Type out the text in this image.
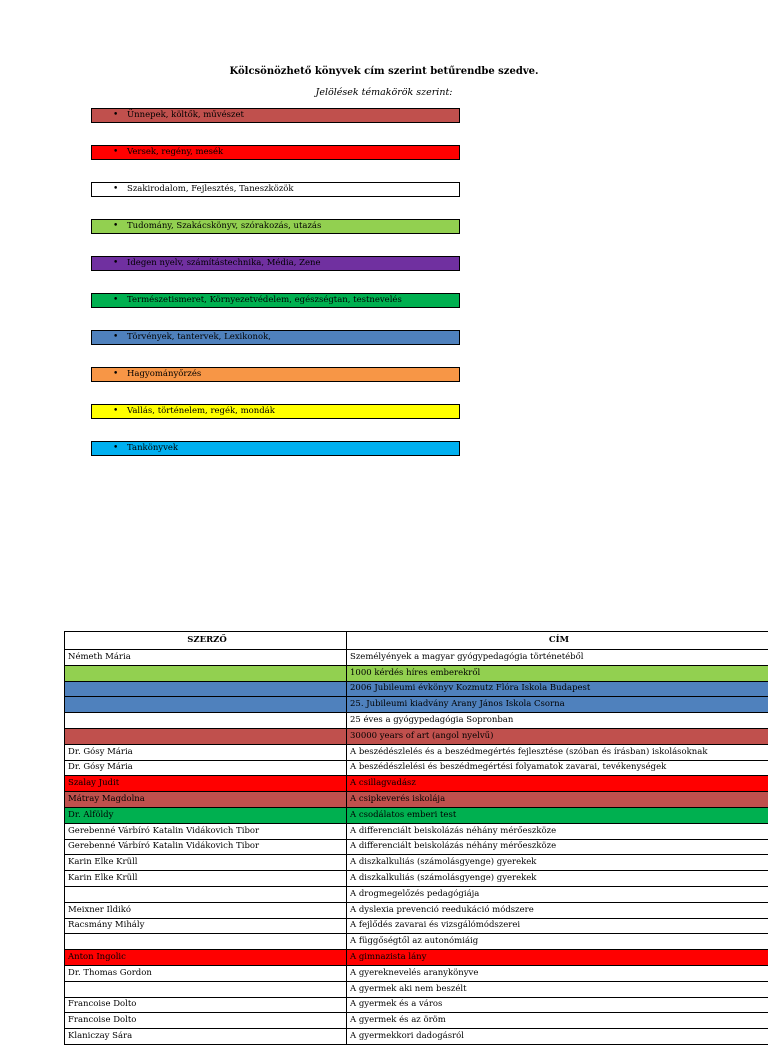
Kölcsönözhető könyvek cím szerint betűrendbe szedve.
Jelölések témakörök szerint:
• Ünnepek, költők, művészet
• Versek, regény, mesék
• Szakirodalom, Fejlesztés, Taneszközök
• Tudomány, Szakácskönyv, szórakozás, utazás
• Idegen nyelv, számítástechnika, Média, Zene
• Természetismeret, Környezetvédelem, egészségtan, testnevelés
• Törvények, tantervek, Lexikonok,
• Hagyományőrzés
• Vallás, történelem, regék, mondák
• Tankönyvek
SZERZŐ	CÍM
Németh Mária	Személyények a magyar gyógypedagógia történetéből
	1000 kérdés híres emberekről
	2006 Jubileumi évkönyv Kozmutz Flóra Iskola Budapest
	25. Jubileumi kiadvány Arany János Iskola Csorna
	25 éves a gyógypedagógia Sopronban
	30000 years of art (angol nyelvű)
Dr. Gósy Mária	A beszédészlelés és a beszédmegértés fejlesztése (szóban és írásban) iskolásoknak
Dr. Gósy Mária	A beszédészlelési és beszédmegértési folyamatok zavarai, tevékenységek
Szalay Judit	A csillagvadász
Mátray Magdolna	A csipkeverés iskolája
Dr. Alföldy	A csodálatos emberi test
Gerebenné Várbíró Katalin Vidákovich Tibor	A differenciált beiskolázás néhány mérőeszköze
Gerebenné Várbíró Katalin Vidákovich Tibor	A differenciált beiskolázás néhány mérőeszköze
Karin Elke Krüll	A diszkalkuliás (számolásgyenge) gyerekek
Karin Elke Krüll	A diszkalkuliás (számolásgyenge) gyerekek
	A drogmegelőzés pedagógiája
Meixner Ildikó	A dyslexia prevenció reedukáció módszere
Racsmány Mihály	A fejlődés zavarai és vizsgálómódszerei
	A függőségtől az autonómiáig
Anton Ingolic	A gimnazista lány
Dr. Thomas Gordon	A gyereknevelés aranykönyve
	A gyermek aki nem beszélt
Francoise Dolto	A gyermek és a város
Francoise Dolto	A gyermek és az öröm
Klaniczay Sára	A gyermekkori dadogásról
